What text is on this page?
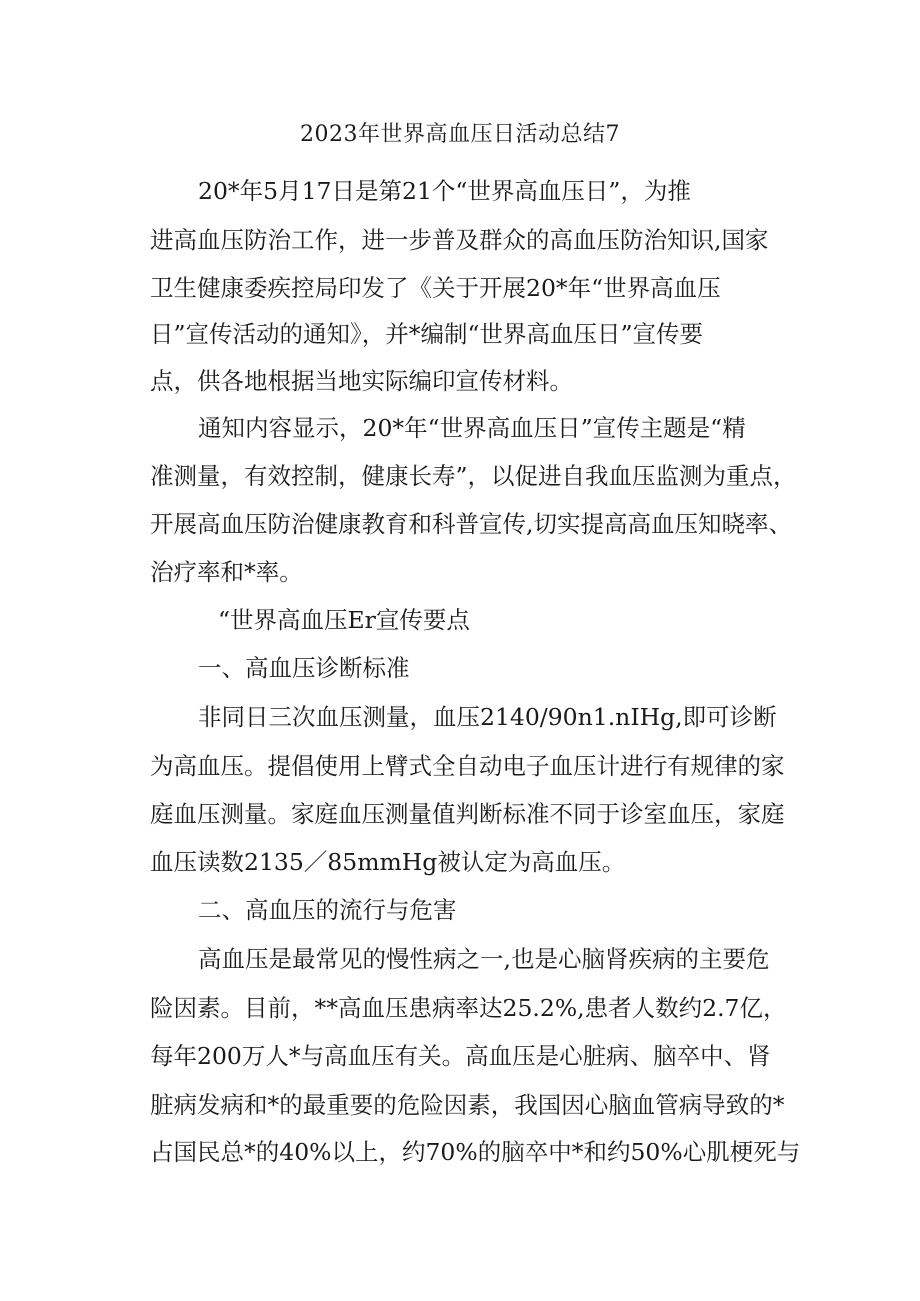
2023年世界高血压日活动总结7
20*年5月17日是第21个“世界高血压日”，为推
进高血压防治工作，进一步普及群众的高血压防治知识,国家
卫生健康委疾控局印发了《关于开展20*年“世界高血压
日”宣传活动的通知》，并*编制“世界高血压日”宣传要
点，供各地根据当地实际编印宣传材料。
通知内容显示，20*年“世界高血压日”宣传主题是“精
准测量，有效控制，健康长寿”，以促进自我血压监测为重点，
开展高血压防治健康教育和科普宣传,切实提高高血压知晓率、
治疗率和*率。
“世界高血压Er宣传要点
一、高血压诊断标准
非同日三次血压测量，血压2140/90n1.nIHg,即可诊断
为高血压。提倡使用上臂式全自动电子血压计进行有规律的家
庭血压测量。家庭血压测量值判断标准不同于诊室血压，家庭
血压读数2135／85mmHg被认定为高血压。
二、高血压的流行与危害
高血压是最常见的慢性病之一,也是心脑肾疾病的主要危
险因素。目前，**高血压患病率达25.2%,患者人数约2.7亿，
每年200万人*与高血压有关。高血压是心脏病、脑卒中、肾
脏病发病和*的最重要的危险因素，我国因心脑血管病导致的*
占国民总*的40%以上，约70%的脑卒中*和约50%心肌梗死与
